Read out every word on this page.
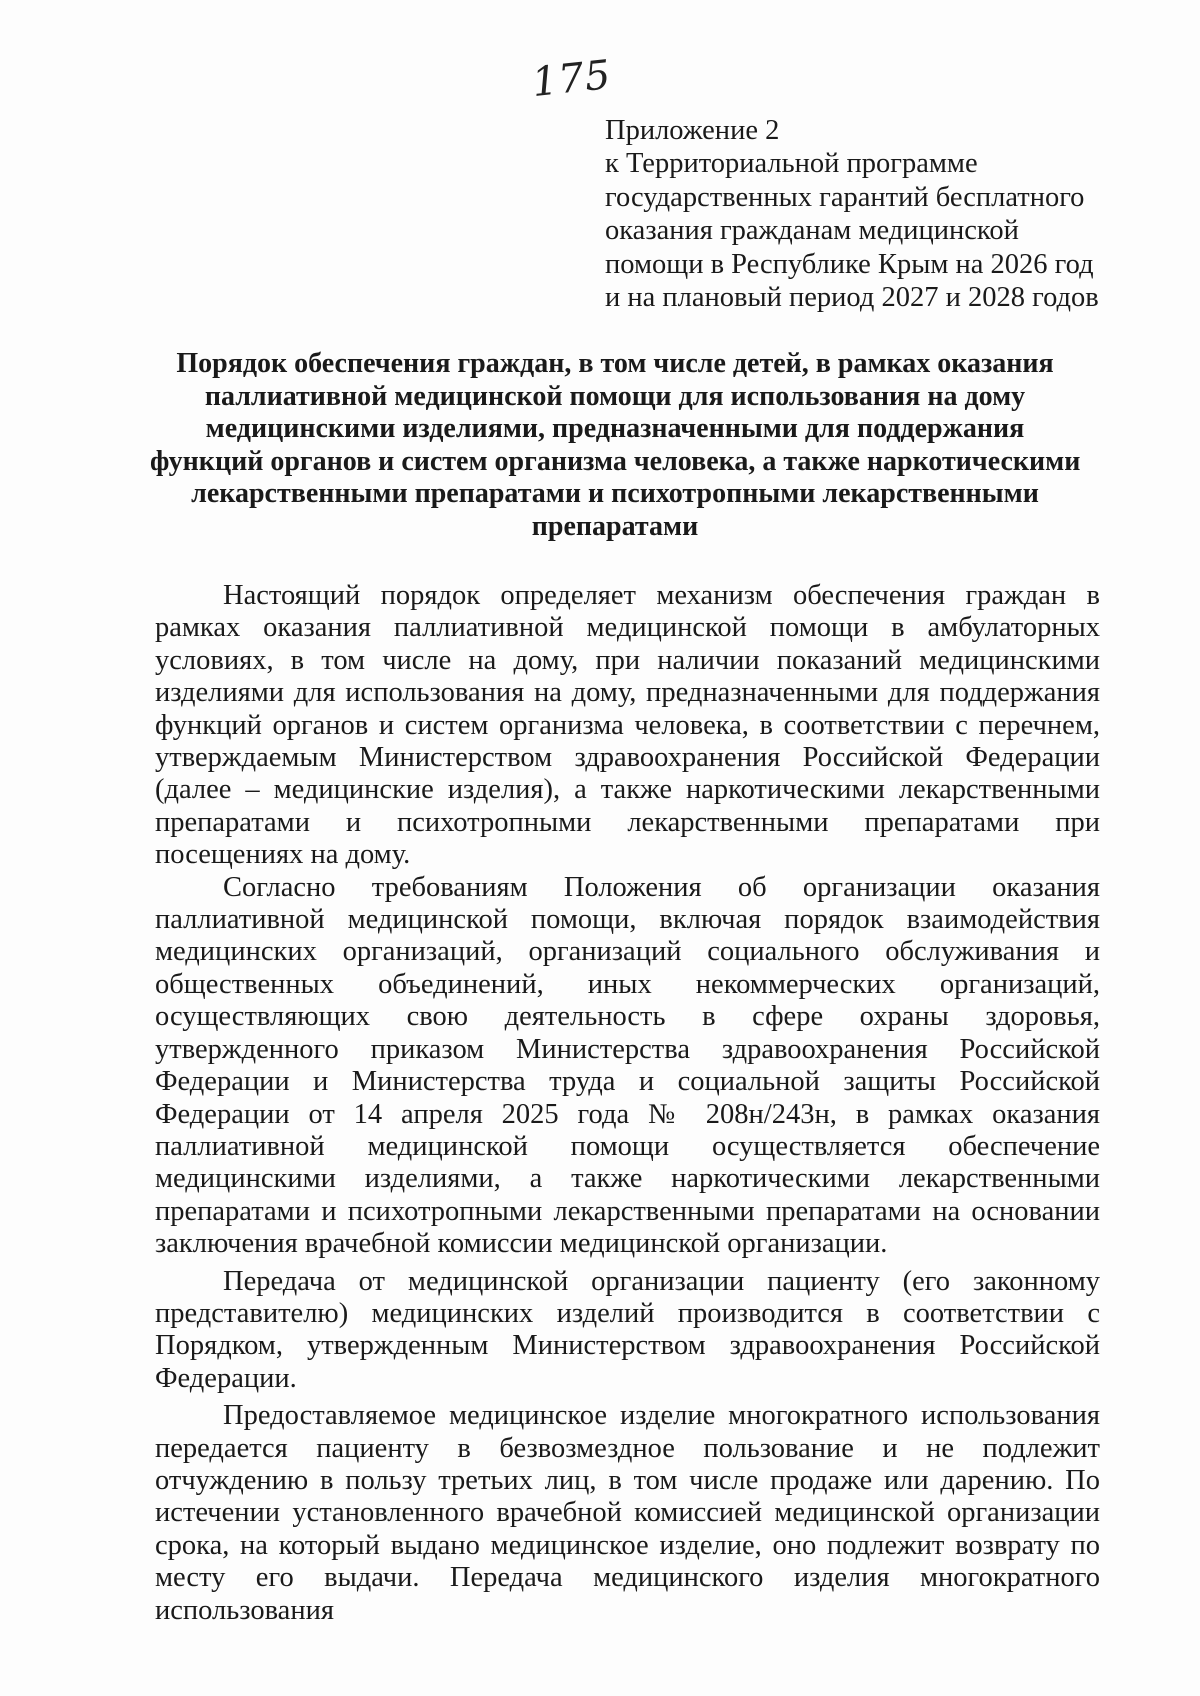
175
Приложение 2
к Территориальной программе
государственных гарантий бесплатного
оказания гражданам медицинской
помощи в Республике Крым на 2026 год
и на плановый период 2027 и 2028 годов
Порядок обеспечения граждан, в том числе детей, в рамках оказания
паллиативной медицинской помощи для использования на дому
медицинскими изделиями, предназначенными для поддержания
функций органов и систем организма человека, а также наркотическими
лекарственными препаратами и психотропными лекарственными
препаратами

Настоящий порядок определяет механизм обеспечения граждан в рамках оказания паллиативной медицинской помощи в амбулаторных условиях, в том числе на дому, при наличии показаний медицинскими изделиями для использования на дому, предназначенными для поддержания функций органов и систем организма человека, в соответствии с перечнем, утверждаемым Министерством здравоохранения Российской Федерации (далее – медицинские изделия), а также наркотическими лекарственными препаратами и психотропными лекарственными препаратами при посещениях на дому.

Согласно требованиям Положения об организации оказания паллиативной медицинской помощи, включая порядок взаимодействия медицинских организаций, организаций социального обслуживания и общественных объединений, иных некоммерческих организаций, осуществляющих свою деятельность в сфере охраны здоровья, утвержденного приказом Министерства здравоохранения Российской Федерации и Министерства труда и социальной защиты Российской Федерации от 14 апреля 2025 года № 208н/243н, в рамках оказания паллиативной медицинской помощи осуществляется обеспечение медицинскими изделиями, а также наркотическими лекарственными препаратами и психотропными лекарственными препаратами на основании заключения врачебной комиссии медицинской организации.

Передача от медицинской организации пациенту (его законному представителю) медицинских изделий производится в соответствии с Порядком, утвержденным Министерством здравоохранения Российской Федерации.

Предоставляемое медицинское изделие многократного использования передается пациенту в безвозмездное пользование и не подлежит отчуждению в пользу третьих лиц, в том числе продаже или дарению. По истечении установленного врачебной комиссией медицинской организации срока, на который выдано медицинское изделие, оно подлежит возврату по месту его выдачи. Передача медицинского изделия многократного использования
